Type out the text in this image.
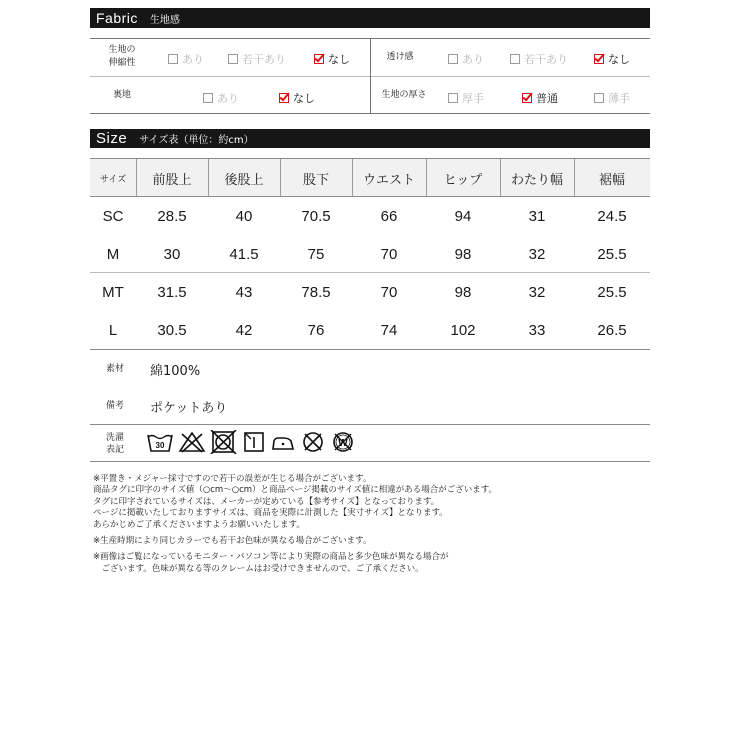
Fabric 生地感
生地の
伸縮性	あり	若干あり	なし	透け感	あり	若干あり	なし
裏地	あり	なし	生地の厚さ	厚手	普通	薄手
Size サイズ表（単位：約cm）
サイズ	前股上	後股上	股下	ウエスト	ヒップ	わたり幅	裾幅
SC	28.5	40	70.5	66	94	31	24.5
M	30	41.5	75	70	98	32	25.5
MT	31.5	43	78.5	70	98	32	25.5
L	30.5	42	76	74	102	33	26.5
素材	綿100%
備考	ポケットあり
洗濯
表記	30	W

※平置き・メジャー採寸ですので若干の誤差が生じる場合がございます。

商品タグに印字のサイズ値（○cm〜○cm）と商品ページ掲載のサイズ値に相違がある場合がございます。

タグに印字されているサイズは、メーカーが定めている【参考サイズ】となっております。

ページに掲載いたしておりますサイズは、商品を実際に計測した【実寸サイズ】となります。

あらかじめご了承くださいますようお願いいたします。

※生産時期により同じカラーでも若干お色味が異なる場合がございます。

※画像はご覧になっているモニター・パソコン等により実際の商品と多少色味が異なる場合が

　ございます。色味が異なる等のクレームはお受けできませんので、ご了承ください。
